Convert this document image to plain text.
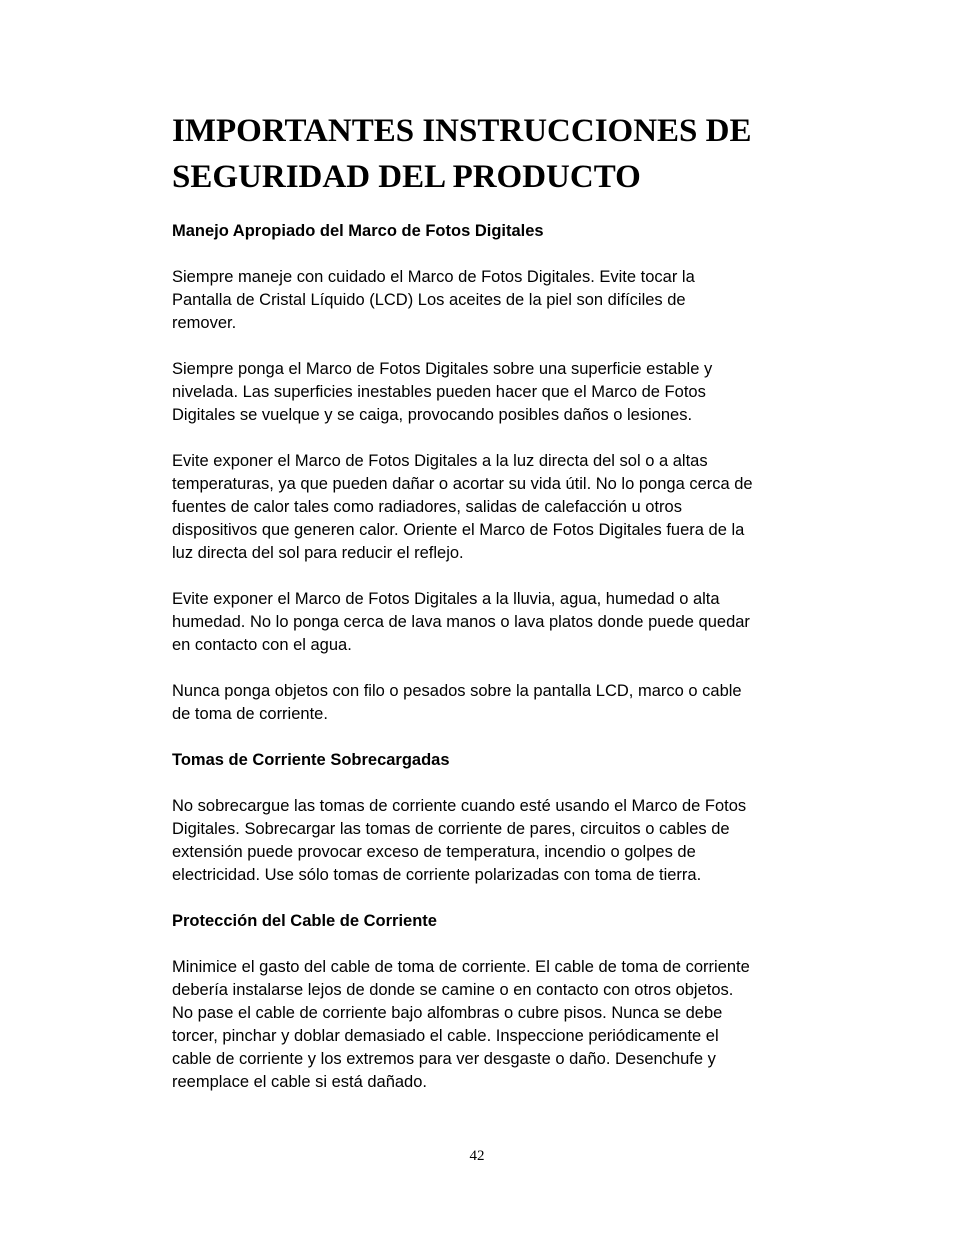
IMPORTANTES INSTRUCCIONES DE
SEGURIDAD DEL PRODUCTO
Manejo Apropiado del Marco de Fotos Digitales

Siempre maneje con cuidado el Marco de Fotos Digitales. Evite tocar la
Pantalla de Cristal Líquido (LCD) Los aceites de la piel son difíciles de
remover.

Siempre ponga el Marco de Fotos Digitales sobre una superficie estable y
nivelada. Las superficies inestables pueden hacer que el Marco de Fotos
Digitales se vuelque y se caiga, provocando posibles daños o lesiones.

Evite exponer el Marco de Fotos Digitales a la luz directa del sol o a altas
temperaturas, ya que pueden dañar o acortar su vida útil. No lo ponga cerca de
fuentes de calor tales como radiadores, salidas de calefacción u otros
dispositivos que generen calor. Oriente el Marco de Fotos Digitales fuera de la
luz directa del sol para reducir el reflejo.

Evite exponer el Marco de Fotos Digitales a la lluvia, agua, humedad o alta
humedad. No lo ponga cerca de lava manos o lava platos donde puede quedar
en contacto con el agua.

Nunca ponga objetos con filo o pesados sobre la pantalla LCD, marco o cable
de toma de corriente.

Tomas de Corriente Sobrecargadas

No sobrecargue las tomas de corriente cuando esté usando el Marco de Fotos
Digitales. Sobrecargar las tomas de corriente de pares, circuitos o cables de
extensión puede provocar exceso de temperatura, incendio o golpes de
electricidad. Use sólo tomas de corriente polarizadas con toma de tierra.

Protección del Cable de Corriente

Minimice el gasto del cable de toma de corriente. El cable de toma de corriente
debería instalarse lejos de donde se camine o en contacto con otros objetos.
No pase el cable de corriente bajo alfombras o cubre pisos. Nunca se debe
torcer, pinchar y doblar demasiado el cable. Inspeccione periódicamente el
cable de corriente y los extremos para ver desgaste o daño. Desenchufe y
reemplace el cable si está dañado.

42
